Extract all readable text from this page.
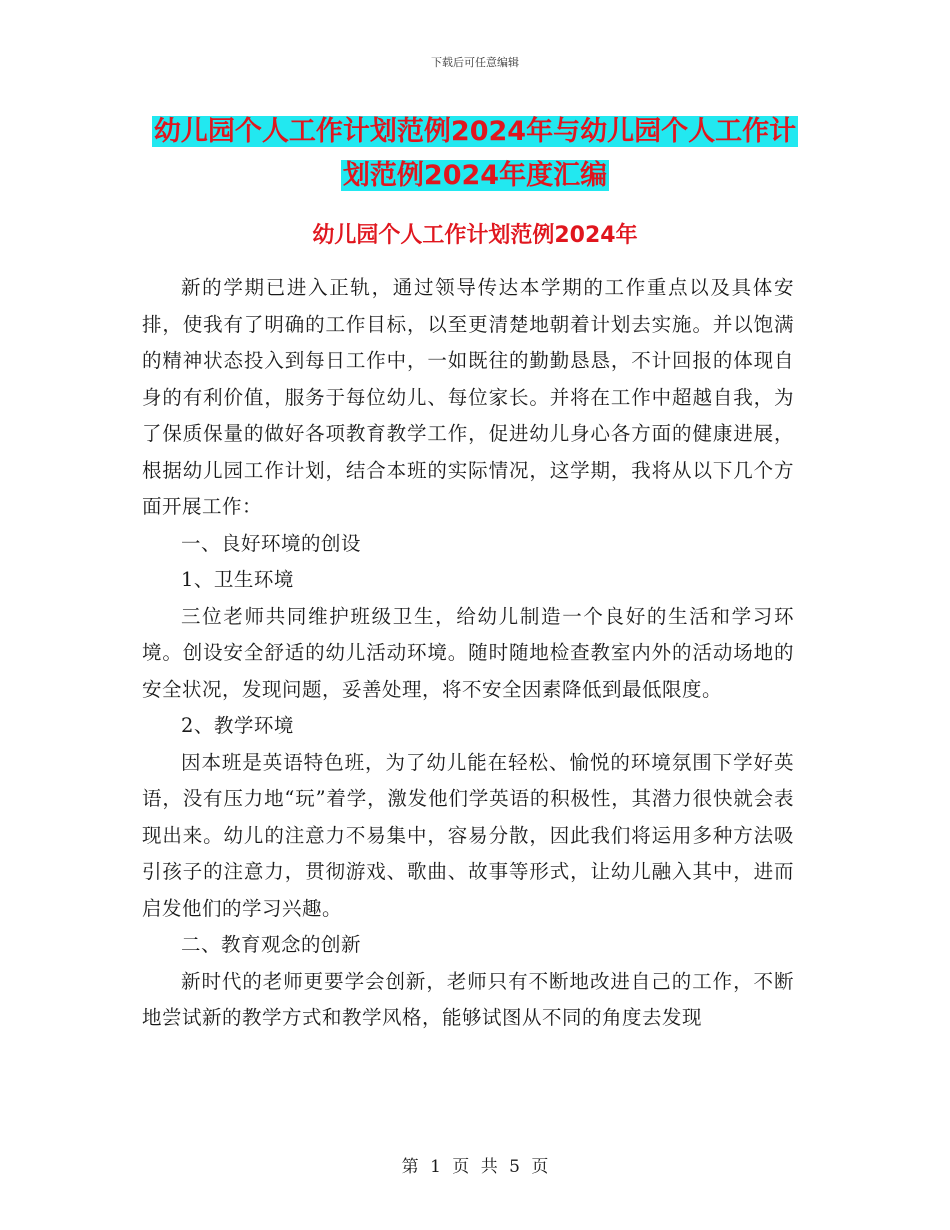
下载后可任意编辑
幼儿园个人工作计划范例2024年与幼儿园个人工作计
划范例2024年度汇编
幼儿园个人工作计划范例2024年

新的学期已进入正轨，通过领导传达本学期的工作重点以及具体安排，使我有了明确的工作目标，以至更清楚地朝着计划去实施。并以饱满的精神状态投入到每日工作中，一如既往的勤勤恳恳，不计回报的体现自身的有利价值，服务于每位幼儿、每位家长。并将在工作中超越自我，为了保质保量的做好各项教育教学工作，促进幼儿身心各方面的健康进展，根据幼儿园工作计划，结合本班的实际情况，这学期，我将从以下几个方面开展工作：

一、良好环境的创设

1、卫生环境

三位老师共同维护班级卫生，给幼儿制造一个良好的生活和学习环境。创设安全舒适的幼儿活动环境。随时随地检查教室内外的活动场地的安全状况，发现问题，妥善处理，将不安全因素降低到最低限度。

2、教学环境

因本班是英语特色班，为了幼儿能在轻松、愉悦的环境氛围下学好英语，没有压力地“玩”着学，激发他们学英语的积极性，其潜力很快就会表现出来。幼儿的注意力不易集中，容易分散，因此我们将运用多种方法吸引孩子的注意力，贯彻游戏、歌曲、故事等形式，让幼儿融入其中，进而启发他们的学习兴趣。

二、教育观念的创新

新时代的老师更要学会创新，老师只有不断地改进自己的工作，不断地尝试新的教学方式和教学风格，能够试图从不同的角度去发现

第 1 页 共 5 页
